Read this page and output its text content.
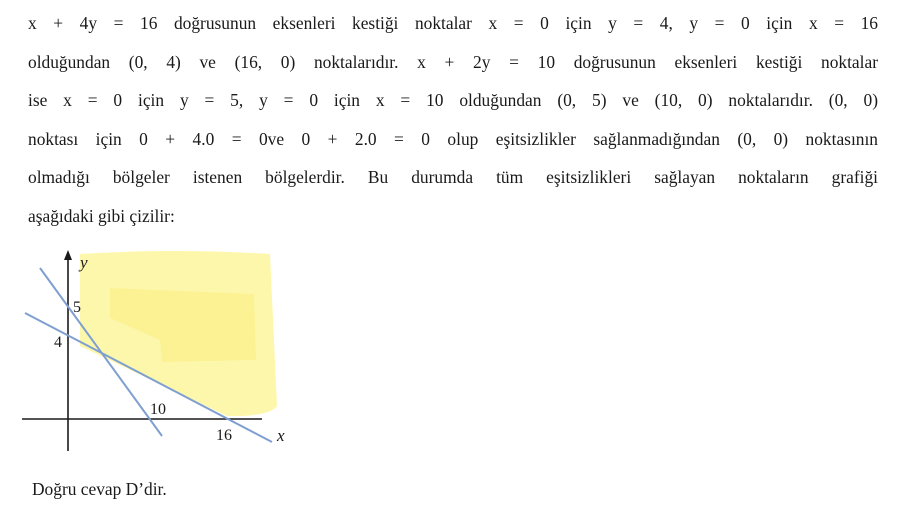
x + 4y = 16 doğrusunun eksenleri kestiği noktalar x = 0 için y = 4, y = 0 için x = 16
olduğundan (0, 4) ve (16, 0) noktalarıdır. x + 2y = 10 doğrusunun eksenleri kestiği noktalar
ise x = 0 için y = 5, y = 0 için x = 10 olduğundan (0, 5) ve (10, 0) noktalarıdır. (0, 0)
noktası için 0 + 4.0 = 0ve 0 + 2.0 = 0 olup eşitsizlikler sağlanmadığından (0, 0) noktasının
olmadığı bölgeler istenen bölgelerdir. Bu durumda tüm eşitsizlikleri sağlayan noktaların grafiği
aşağıdaki gibi çizilir:
y
5
4
10
16	x
Doğru cevap D’dir.
